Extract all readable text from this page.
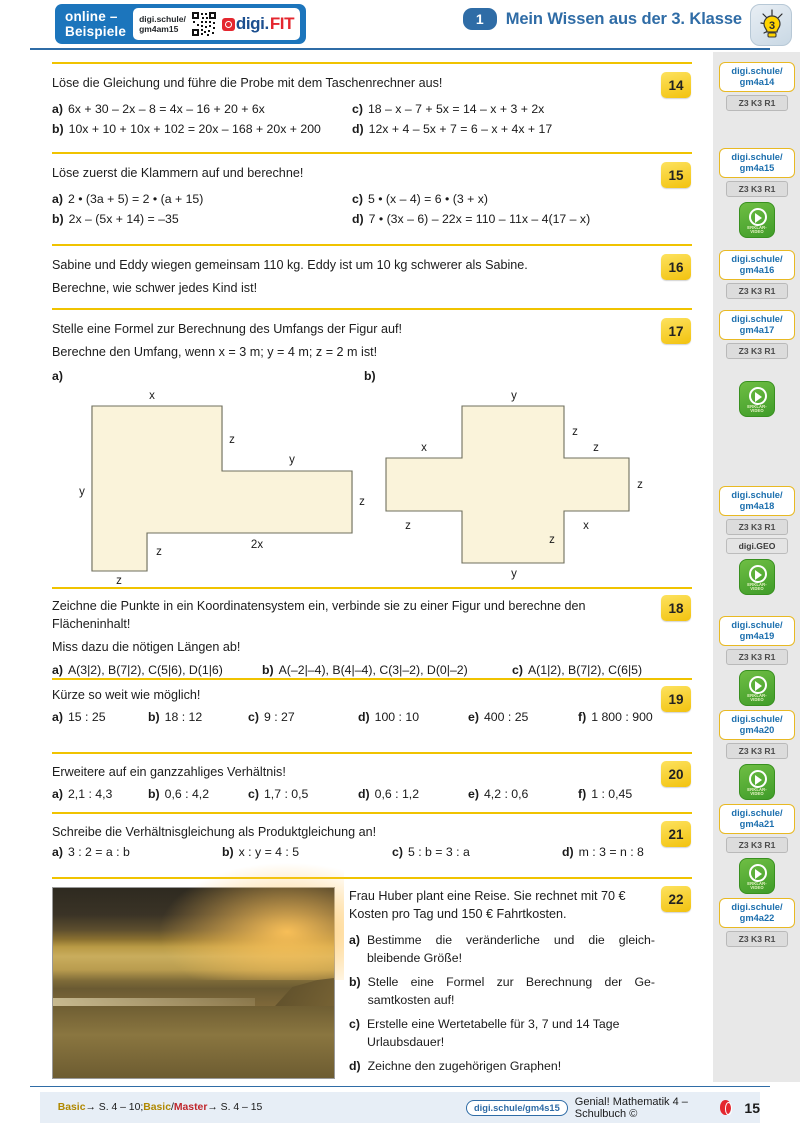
online –
Beispiele
digi.schule/
gm4am15	digi. FIT	1	Mein Wissen aus der 3. Klasse 3
digi.schule/
gm4a14
Z3 K3 R1
digi.schule/
gm4a15
Z3 K3 R1
ERKLÄR-
VIDEO
digi.schule/
gm4a16
Z3 K3 R1
digi.schule/
gm4a17
Z3 K3 R1
ERKLÄR-
VIDEO
digi.schule/
gm4a18
Z3 K3 R1
digi.GEO
ERKLÄR-
VIDEO
digi.schule/
gm4a19
Z3 K3 R1
ERKLÄR-
VIDEO
digi.schule/
gm4a20
Z3 K3 R1
ERKLÄR-
VIDEO
digi.schule/
gm4a21
Z3 K3 R1
ERKLÄR-
VIDEO
digi.schule/
gm4a22
Z3 K3 R1
14
Löse die Gleichung und führe die Probe mit dem Taschenrechner aus!
a) 6x + 30 – 2x – 8 = 4x – 16 + 20 + 6x	c) 18 – x – 7 + 5x = 14 – x + 3 + 2x
b) 10x + 10 + 10x + 102 = 20x – 168 + 20x + 200	d) 12x + 4 – 5x + 7 = 6 – x + 4x + 17
15
Löse zuerst die Klammern auf und berechne!
a) 2 • (3a + 5) = 2 • (a + 15)	c) 5 • (x – 4) = 6 • (3 + x)
b) 2x – (5x + 14) = –35	d) 7 • (3x – 6) – 22x = 110 – 11x – 4(17 – x)
16
Sabine und Eddy wiegen gemeinsam 110 kg. Eddy ist um 10 kg schwerer als Sabine.
Berechne, wie schwer jedes Kind ist!
17
Stelle eine Formel zur Berechnung des Umfangs der Figur auf!
Berechne den Umfang, wenn x = 3 m; y = 4 m; z = 2 m ist!
a)
x
z
y
y
z
2x
z
z
b)
y
z
z
x
z
z	x
z
y
18
Zeichne die Punkte in ein Koordinatensystem ein, verbinde sie zu einer Figur und berechne den
Flächeninhalt!
Miss dazu die nötigen Längen ab!
a) A(3|2), B(7|2), C(5|6), D(1|6)	b) A(–2|–4), B(4|–4), C(3|–2), D(0|–2)	c) A(1|2), B(7|2), C(6|5)
19
Kürze so weit wie möglich!
a) 15 : 25	b) 18 : 12	c) 9 : 27	d) 100 : 10	e) 400 : 25	f) 1 800 : 900
20
Erweitere auf ein ganzzahliges Verhältnis!
a) 2,1 : 4,3	b) 0,6 : 4,2	c) 1,7 : 0,5	d) 0,6 : 1,2	e) 4,2 : 0,6	f) 1 : 0,45
21
Schreibe die Verhältnisgleichung als Produktgleichung an!
a) 3 : 2 = a : b	b) x : y = 4 : 5	c) 5 : b = 3 : a	d) m : 3 = n : 8
22
Frau Huber plant eine Reise. Sie rechnet mit 70 €
Kosten pro Tag und 150 € Fahrtkosten.
a) Bestimme die veränderliche und die gleich-bleibende Größe!
b) Stelle eine Formel zur Berechnung der Ge-samtkosten auf!
c) Erstelle eine Wertetabelle für 3, 7 und 14 Tage Urlaubsdauer!
d) Zeichne den zugehörigen Graphen!
Basic → S. 4 – 10; Basic/Master → S. 4 – 15	digi.schule/gm4s15	Genial! Mathematik 4 – Schulbuch ©	15
